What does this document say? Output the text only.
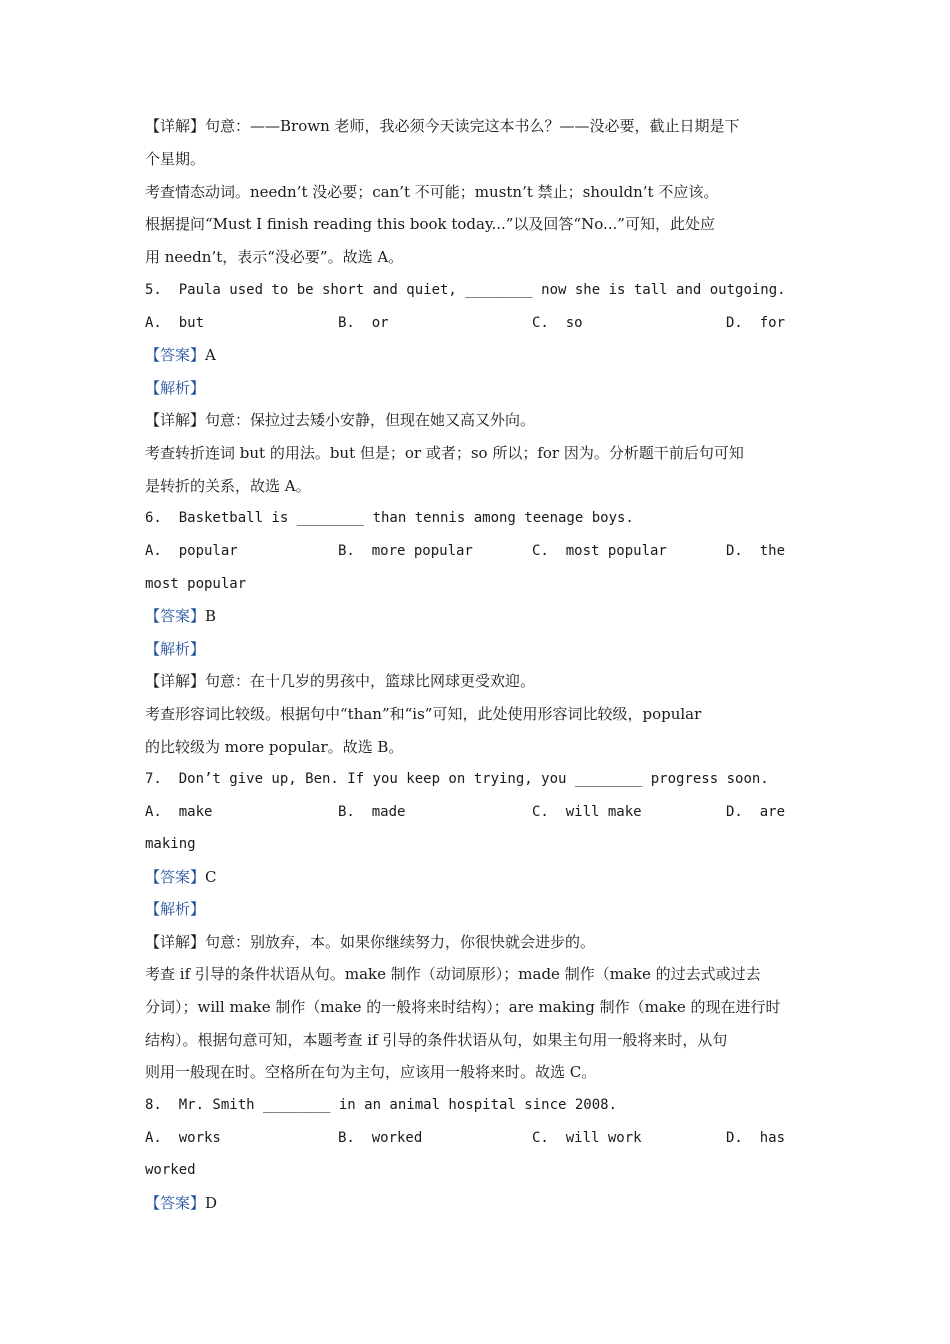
【详解】句意：——Brown 老师，我必须今天读完这本书么？——没必要，截止日期是下
个星期。
考查情态动词。needn’t 没必要；can’t 不可能；mustn’t 禁止；shouldn’t 不应该。
根据提问“Must I finish reading this book today...”以及回答“No...”可知，此处应
用 needn’t，表示“没必要”。故选 A。
5.  Paula used to be short and quiet, ________ now she is tall and outgoing.
A.  but	B.  or	C.  so	D.  for
【答案】A
【解析】
【详解】句意：保拉过去矮小安静，但现在她又高又外向。
考查转折连词 but 的用法。but 但是；or 或者；so 所以；for 因为。分析题干前后句可知
是转折的关系，故选 A。
6.  Basketball is ________ than tennis among teenage boys.
A.  popular	B.  more popular	C.  most popular	D.  the
most popular
【答案】B
【解析】
【详解】句意：在十几岁的男孩中，篮球比网球更受欢迎。
考查形容词比较级。根据句中“than”和“is”可知，此处使用形容词比较级，popular
的比较级为 more popular。故选 B。
7.  Don’t give up, Ben. If you keep on trying, you ________ progress soon.
A.  make	B.  made	C.  will make	D.  are
making
【答案】C
【解析】
【详解】句意：别放弃，本。如果你继续努力，你很快就会进步的。
考查 if 引导的条件状语从句。make 制作（动词原形）；made 制作（make 的过去式或过去
分词）；will make 制作（make 的一般将来时结构）；are making 制作（make 的现在进行时
结构）。根据句意可知，本题考查 if 引导的条件状语从句，如果主句用一般将来时，从句
则用一般现在时。空格所在句为主句，应该用一般将来时。故选 C。
8.  Mr. Smith ________ in an animal hospital since 2008.
A.  works	B.  worked	C.  will work	D.  has
worked
【答案】D
